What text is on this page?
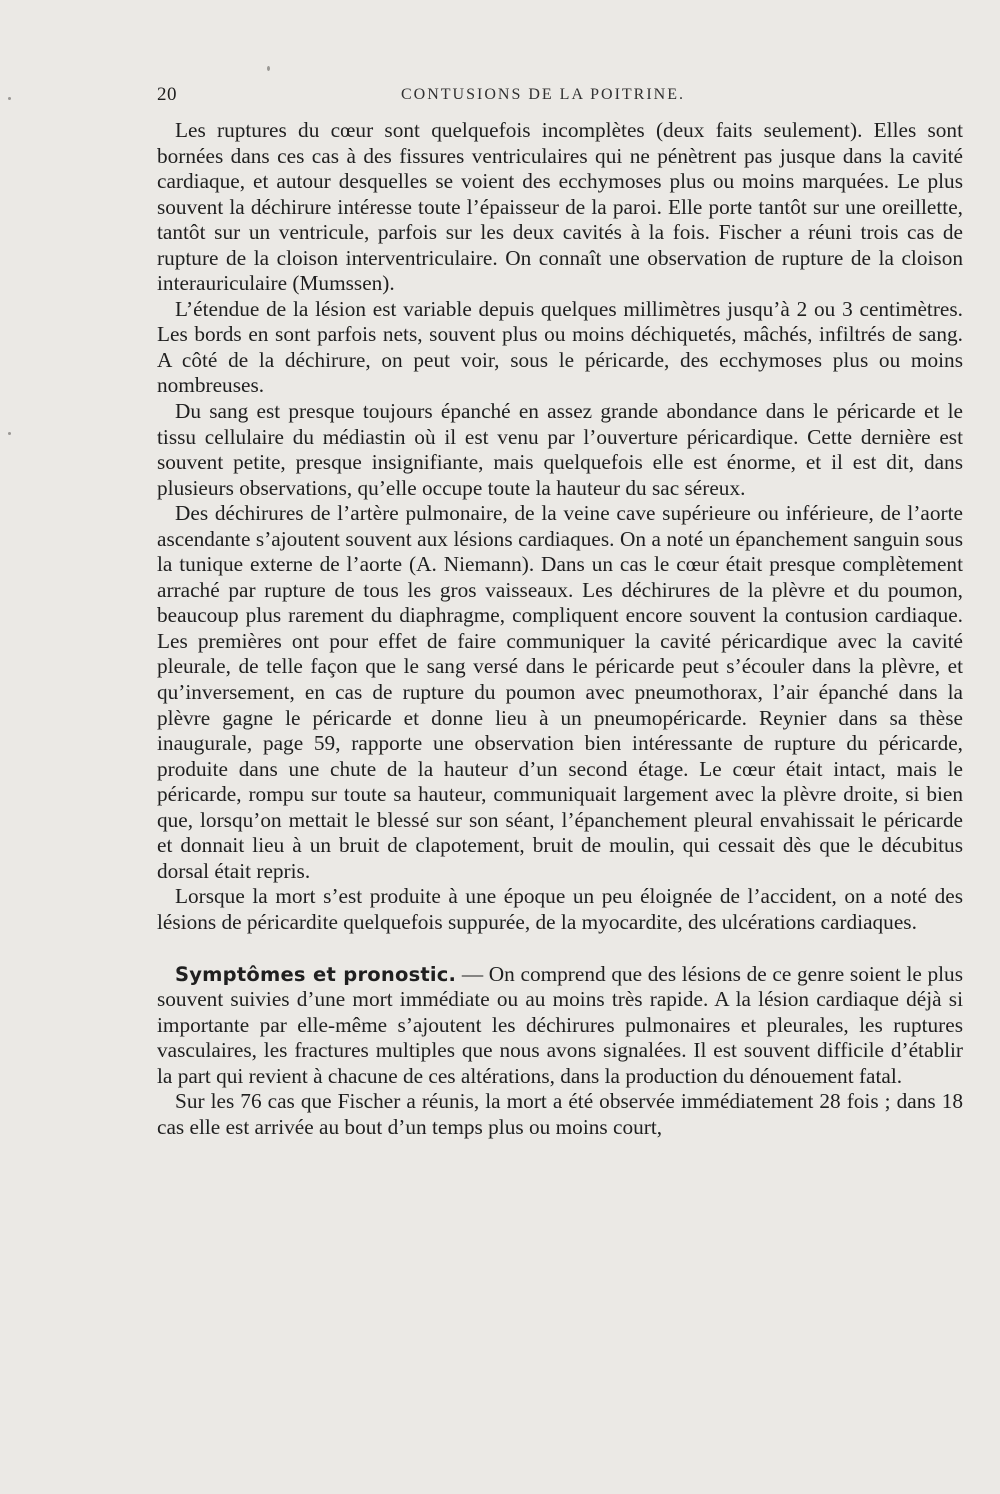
20	CONTUSIONS DE LA POITRINE.

Les ruptures du cœur sont quelquefois incomplètes (deux faits seulement). Elles sont bornées dans ces cas à des fissures ventriculaires qui ne pénètrent pas jusque dans la cavité cardiaque, et autour desquelles se voient des ecchymoses plus ou moins marquées. Le plus souvent la déchirure intéresse toute l’épaisseur de la paroi. Elle porte tantôt sur une oreillette, tantôt sur un ventricule, parfois sur les deux cavités à la fois. Fischer a réuni trois cas de rupture de la cloison interventriculaire. On connaît une observation de rupture de la cloison interauriculaire (Mumssen).

L’étendue de la lésion est variable depuis quelques millimètres jusqu’à 2 ou 3 centimètres. Les bords en sont parfois nets, souvent plus ou moins déchiquetés, mâchés, infiltrés de sang. A côté de la déchirure, on peut voir, sous le péricarde, des ecchymoses plus ou moins nombreuses.

Du sang est presque toujours épanché en assez grande abondance dans le péricarde et le tissu cellulaire du médiastin où il est venu par l’ouverture péricardique. Cette dernière est souvent petite, presque insignifiante, mais quelquefois elle est énorme, et il est dit, dans plusieurs observations, qu’elle occupe toute la hauteur du sac séreux.

Des déchirures de l’artère pulmonaire, de la veine cave supérieure ou inférieure, de l’aorte ascendante s’ajoutent souvent aux lésions cardiaques. On a noté un épanchement sanguin sous la tunique externe de l’aorte (A. Niemann). Dans un cas le cœur était presque complètement arraché par rupture de tous les gros vaisseaux. Les déchirures de la plèvre et du poumon, beaucoup plus rarement du diaphragme, compliquent encore souvent la contusion cardiaque. Les premières ont pour effet de faire communiquer la cavité péricardique avec la cavité pleurale, de telle façon que le sang versé dans le péricarde peut s’écouler dans la plèvre, et qu’inversement, en cas de rupture du poumon avec pneumothorax, l’air épanché dans la plèvre gagne le péricarde et donne lieu à un pneumopéricarde. Reynier dans sa thèse inaugurale, page 59, rapporte une observation bien intéressante de rupture du péricarde, produite dans une chute de la hauteur d’un second étage. Le cœur était intact, mais le péricarde, rompu sur toute sa hauteur, communiquait largement avec la plèvre droite, si bien que, lorsqu’on mettait le blessé sur son séant, l’épanchement pleural envahissait le péricarde et donnait lieu à un bruit de clapotement, bruit de moulin, qui cessait dès que le décubitus dorsal était repris.

Lorsque la mort s’est produite à une époque un peu éloignée de l’accident, on a noté des lésions de péricardite quelquefois suppurée, de la myocardite, des ulcérations cardiaques.

Symptômes et pronostic. — On comprend que des lésions de ce genre soient le plus souvent suivies d’une mort immédiate ou au moins très rapide. A la lésion cardiaque déjà si importante par elle-même s’ajoutent les déchirures pulmonaires et pleurales, les ruptures vasculaires, les fractures multiples que nous avons signalées. Il est souvent difficile d’établir la part qui revient à chacune de ces altérations, dans la production du dénouement fatal.

Sur les 76 cas que Fischer a réunis, la mort a été observée immédiatement 28 fois ; dans 18 cas elle est arrivée au bout d’un temps plus ou moins court,
